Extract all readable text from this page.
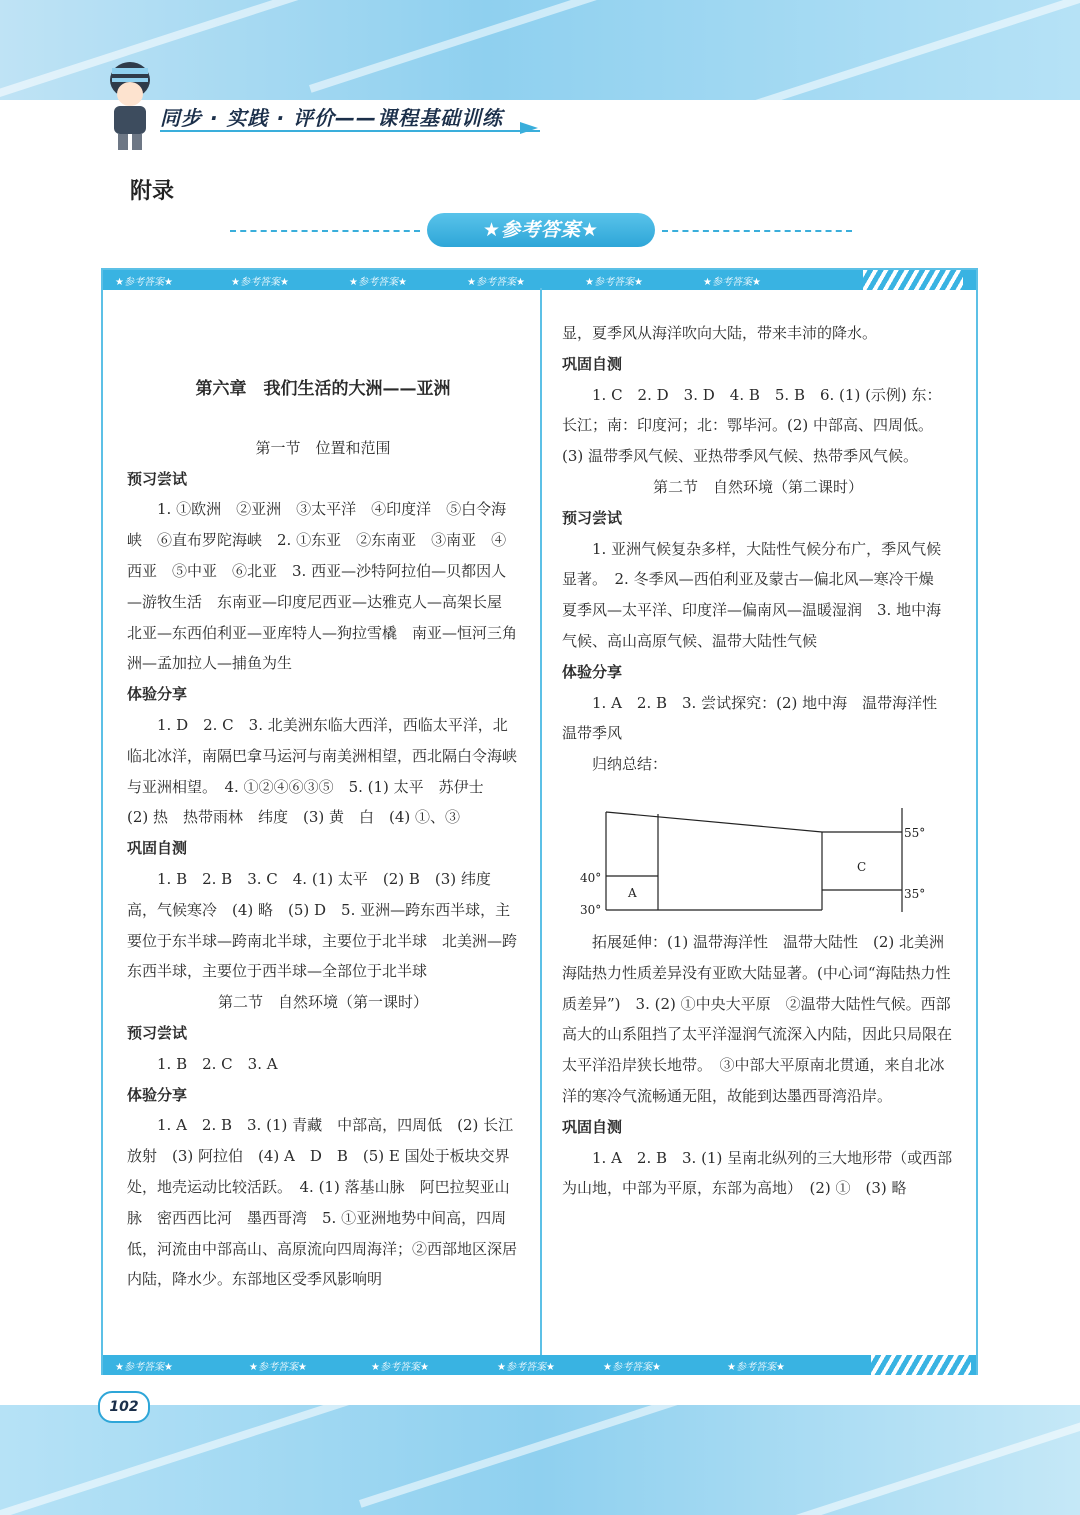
同步 · 实践 · 评价——课程基础训练
附录
★参考答案★
★参考答案★	★参考答案★	★参考答案★	★参考答案★	★参考答案★	★参考答案★
★参考答案★	★参考答案★	★参考答案★	★参考答案★	★参考答案★	★参考答案★

第六章　我们生活的大洲——亚洲

第一节　位置和范围

预习尝试

　　1. ①欧洲　②亚洲　③太平洋　④印度洋　⑤白令海峡　⑥直布罗陀海峡　2. ①东亚　②东南亚　③南亚　④西亚　⑤中亚　⑥北亚　3. 西亚—沙特阿拉伯—贝都因人—游牧生活　东南亚—印度尼西亚—达雅克人—高架长屋　北亚—东西伯利亚—亚库特人—狗拉雪橇　南亚—恒河三角洲—孟加拉人—捕鱼为生

体验分享

　　1. D　2. C　3. 北美洲东临大西洋，西临太平洋，北临北冰洋，南隔巴拿马运河与南美洲相望，西北隔白令海峡与亚洲相望。　4. ①②④⑥③⑤　5. (1) 太平　苏伊士　(2) 热　热带雨林　纬度　(3) 黄　白　(4) ①、③

巩固自测

　　1. B　2. B　3. C　4. (1) 太平　(2) B　(3) 纬度高，气候寒冷　(4) 略　(5) D　5. 亚洲—跨东西半球，主要位于东半球—跨南北半球，主要位于北半球　北美洲—跨东西半球，主要位于西半球—全部位于北半球

第二节　自然环境（第一课时）

预习尝试

　　1. B　2. C　3. A

体验分享

　　1. A　2. B　3. (1) 青藏　中部高，四周低　(2) 长江　放射　(3) 阿拉伯　(4) A　D　B　(5) E 国处于板块交界处，地壳运动比较活跃。　4. (1) 落基山脉　阿巴拉契亚山脉　密西西比河　墨西哥湾　5. ①亚洲地势中间高，四周低，河流由中部高山、高原流向四周海洋；②西部地区深居内陆，降水少。东部地区受季风影响明

显，夏季风从海洋吹向大陆，带来丰沛的降水。

巩固自测

　　1. C　2. D　3. D　4. B　5. B　6. (1) (示例) 东：长江；南：印度河；北：鄂毕河。(2) 中部高、四周低。(3) 温带季风气候、亚热带季风气候、热带季风气候。

第二节　自然环境（第二课时）

预习尝试

　　1. 亚洲气候复杂多样，大陆性气候分布广，季风气候显著。　2. 冬季风—西伯利亚及蒙古—偏北风—寒冷干燥　夏季风—太平洋、印度洋—偏南风—温暖湿润　3. 地中海气候、高山高原气候、温带大陆性气候

体验分享

　　1. A　2. B　3. 尝试探究：(2) 地中海　温带海洋性　温带季风

　　归纳总结：

A
C
55°
35°
40°
30°

　　拓展延伸：(1) 温带海洋性　温带大陆性　(2) 北美洲海陆热力性质差异没有亚欧大陆显著。(中心词“海陆热力性质差异”)　3. (2) ①中央大平原　②温带大陆性气候。西部高大的山系阻挡了太平洋湿润气流深入内陆，因此只局限在太平洋沿岸狭长地带。　③中部大平原南北贯通，来自北冰洋的寒冷气流畅通无阻，故能到达墨西哥湾沿岸。

巩固自测

　　1. A　2. B　3. (1) 呈南北纵列的三大地形带（或西部为山地，中部为平原，东部为高地）　(2) ①　(3) 略

102
